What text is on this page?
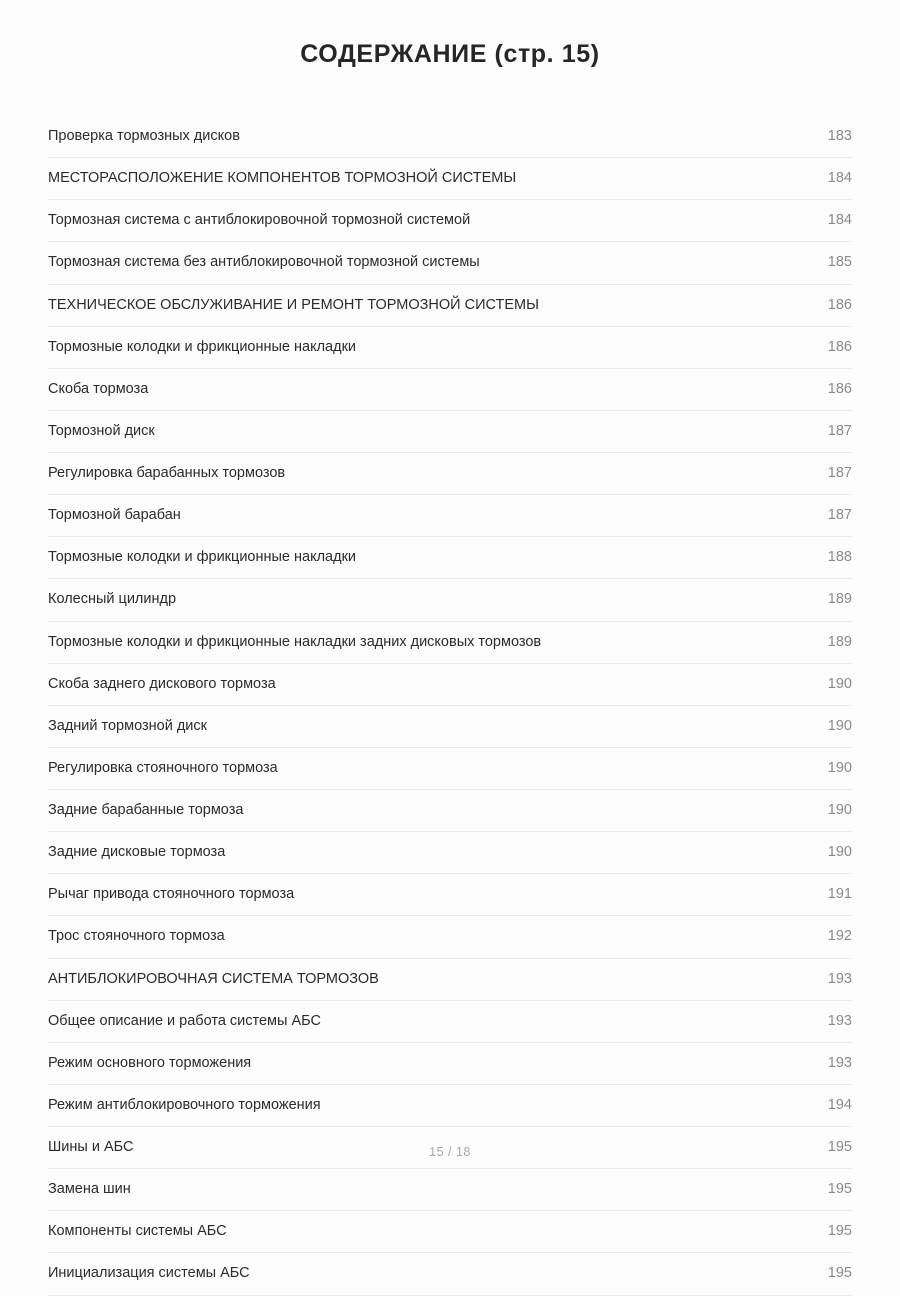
СОДЕРЖАНИЕ (стр. 15)
Проверка тормозных дисков	183
МЕСТОРАСПОЛОЖЕНИЕ КОМПОНЕНТОВ ТОРМОЗНОЙ СИСТЕМЫ	184
Тормозная система с антиблокировочной тормозной системой	184
Тормозная система без антиблокировочной тормозной системы	185
ТЕХНИЧЕСКОЕ ОБСЛУЖИВАНИЕ И РЕМОНТ ТОРМОЗНОЙ СИСТЕМЫ	186
Тормозные колодки и фрикционные накладки	186
Скоба тормоза	186
Тормозной диск	187
Регулировка барабанных тормозов	187
Тормозной барабан	187
Тормозные колодки и фрикционные накладки	188
Колесный цилиндр	189
Тормозные колодки и фрикционные накладки задних дисковых тормозов	189
Скоба заднего дискового тормоза	190
Задний тормозной диск	190
Регулировка стояночного тормоза	190
Задние барабанные тормоза	190
Задние дисковые тормоза	190
Рычаг привода стояночного тормоза	191
Трос стояночного тормоза	192
АНТИБЛОКИРОВОЧНАЯ СИСТЕМА ТОРМОЗОВ	193
Общее описание и работа системы АБС	193
Режим основного торможения	193
Режим антиблокировочного торможения	194
Шины и АБС	195
Замена шин	195
Компоненты системы АБС	195
Инициализация системы АБС	195
15 / 18
